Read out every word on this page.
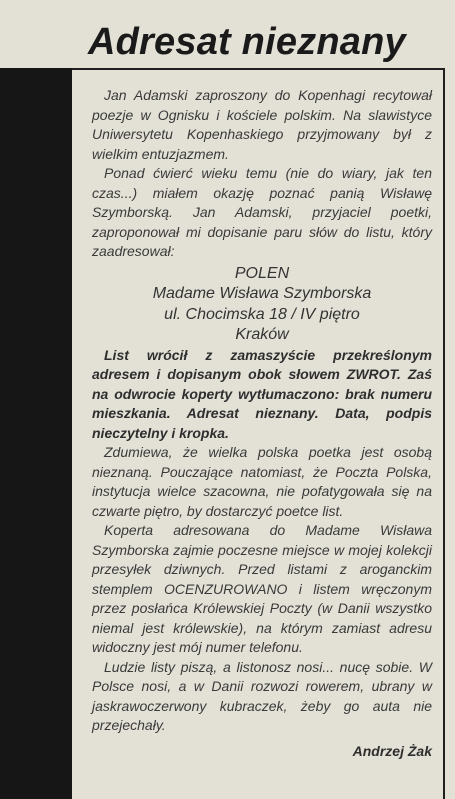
Adresat nieznany

Jan Adamski zaproszony do Kopenhagi recytował poezje w Ognisku i kościele polskim. Na slawistyce Uniwersytetu Kopenhaskiego przyjmowany był z wielkim entuzjazmem.

Ponad ćwierć wieku temu (nie do wiary, jak ten czas...) miałem okazję poznać panią Wisławę Szymborską. Jan Adamski, przyjaciel poetki, zaproponował mi dopisanie paru słów do listu, który zaadresował:

POLEN

Madame Wisława Szymborska

ul. Chocimska 18 / IV piętro

Kraków

List wrócił z zamaszyście przekreślonym adresem i dopisanym obok słowem ZWROT. Zaś na odwrocie koperty wytłumaczono: brak numeru mieszkania. Adresat nieznany. Data, podpis nieczytelny i kropka.

Zdumiewa, że wielka polska poetka jest osobą nieznaną. Pouczające natomiast, że Poczta Polska, instytucja wielce szacowna, nie pofatygowała się na czwarte piętro, by dostarczyć poetce list.

Koperta adresowana do Madame Wisława Szymborska zajmie poczesne miejsce w mojej kolekcji przesyłek dziwnych. Przed listami z aroganckim stemplem OCENZUROWANO i listem wręczonym przez posłańca Królewskiej Poczty (w Danii wszystko niemal jest królewskie), na którym zamiast adresu widoczny jest mój numer telefonu.

Ludzie listy piszą, a listonosz nosi... nucę sobie. W Polsce nosi, a w Danii rozwozi rowerem, ubrany w jaskrawoczerwony kubraczek, żeby go auta nie przejechały.

Andrzej Żak
